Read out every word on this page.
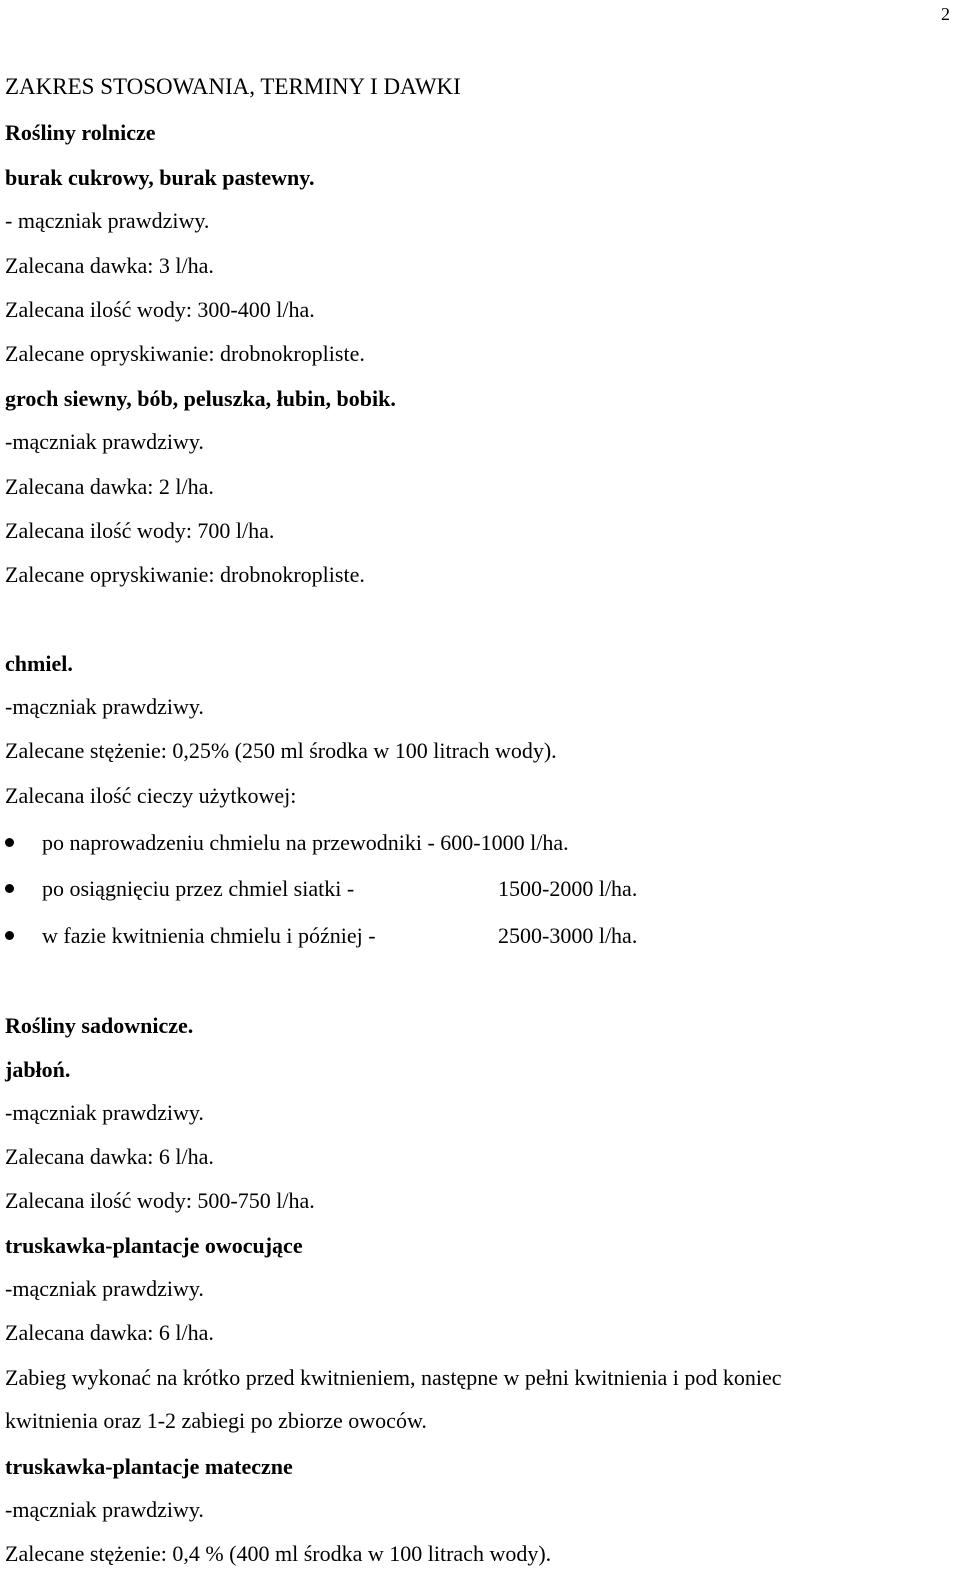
2
ZAKRES STOSOWANIA, TERMINY I DAWKI
Rośliny rolnicze
burak cukrowy, burak pastewny.
- mączniak prawdziwy.
Zalecana dawka: 3 l/ha.
Zalecana ilość wody: 300-400 l/ha.
Zalecane opryskiwanie: drobnokropliste.
groch siewny, bób, peluszka, łubin, bobik.
-mączniak prawdziwy.
Zalecana dawka: 2 l/ha.
Zalecana ilość wody: 700 l/ha.
Zalecane opryskiwanie: drobnokropliste.
chmiel.
-mączniak prawdziwy.
Zalecane stężenie: 0,25% (250 ml środka w 100 litrach wody).
Zalecana ilość cieczy użytkowej:
po naprowadzeniu chmielu na przewodniki - 600-1000 l/ha.
po osiągnięciu przez chmiel siatki -	1500-2000 l/ha.
w fazie kwitnienia chmielu i później -	2500-3000 l/ha.
Rośliny sadownicze.
jabłoń.
-mączniak prawdziwy.
Zalecana dawka: 6 l/ha.
Zalecana ilość wody: 500-750 l/ha.
truskawka-plantacje owocujące
-mączniak prawdziwy.
Zalecana dawka: 6 l/ha.
Zabieg wykonać na krótko przed kwitnieniem, następne w pełni kwitnienia i pod koniec
kwitnienia oraz 1-2 zabiegi po zbiorze owoców.
truskawka-plantacje mateczne
-mączniak prawdziwy.
Zalecane stężenie: 0,4 % (400 ml środka w 100 litrach wody).
